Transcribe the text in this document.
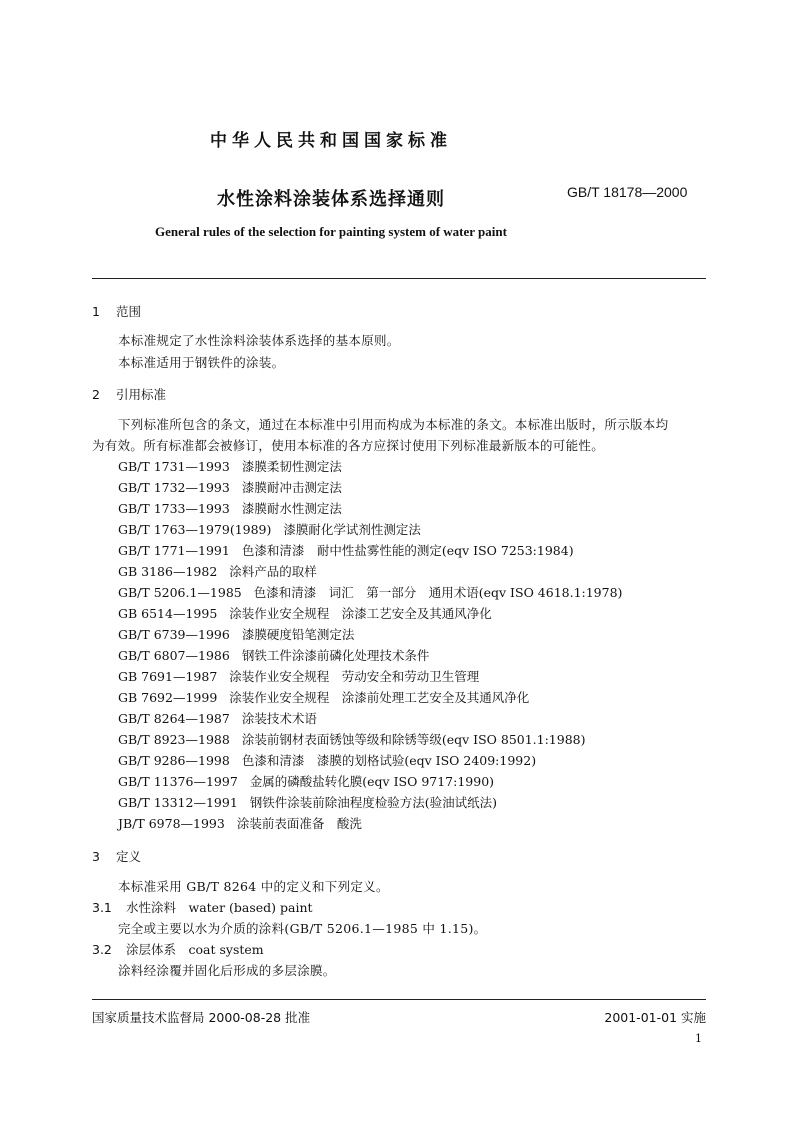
中华人民共和国国家标准
水性涂料涂装体系选择通则	GB/T 18178—2000
General rules of the selection for painting system of water paint
1 范围
本标准规定了水性涂料涂装体系选择的基本原则。
本标准适用于钢铁件的涂装。
2 引用标准
下列标准所包含的条文，通过在本标准中引用而构成为本标准的条文。本标准出版时，所示版本均
为有效。所有标准都会被修订，使用本标准的各方应探讨使用下列标准最新版本的可能性。
GB/T 1731—1993 漆膜柔韧性测定法
GB/T 1732—1993 漆膜耐冲击测定法
GB/T 1733—1993 漆膜耐水性测定法
GB/T 1763—1979(1989) 漆膜耐化学试剂性测定法
GB/T 1771—1991 色漆和清漆　耐中性盐雾性能的测定(eqv ISO 7253:1984)
GB 3186—1982 涂料产品的取样
GB/T 5206.1—1985 色漆和清漆　词汇　第一部分　通用术语(eqv ISO 4618.1:1978)
GB 6514—1995 涂装作业安全规程　涂漆工艺安全及其通风净化
GB/T 6739—1996 漆膜硬度铅笔测定法
GB/T 6807—1986 钢铁工件涂漆前磷化处理技术条件
GB 7691—1987 涂装作业安全规程　劳动安全和劳动卫生管理
GB 7692—1999 涂装作业安全规程　涂漆前处理工艺安全及其通风净化
GB/T 8264—1987 涂装技术术语
GB/T 8923—1988 涂装前钢材表面锈蚀等级和除锈等级(eqv ISO 8501.1:1988)
GB/T 9286—1998 色漆和清漆　漆膜的划格试验(eqv ISO 2409:1992)
GB/T 11376—1997 金属的磷酸盐转化膜(eqv ISO 9717:1990)
GB/T 13312—1991 钢铁件涂装前除油程度检验方法(验油试纸法)
JB/T 6978—1993 涂装前表面准备　酸洗
3 定义
本标准采用 GB/T 8264 中的定义和下列定义。
3.1 水性涂料　water (based) paint
完全或主要以水为介质的涂料(GB/T 5206.1—1985 中 1.15)。
3.2 涂层体系　coat system
涂料经涂覆并固化后形成的多层涂膜。
国家质量技术监督局 2000-08-28 批准	2001-01-01 实施
1
